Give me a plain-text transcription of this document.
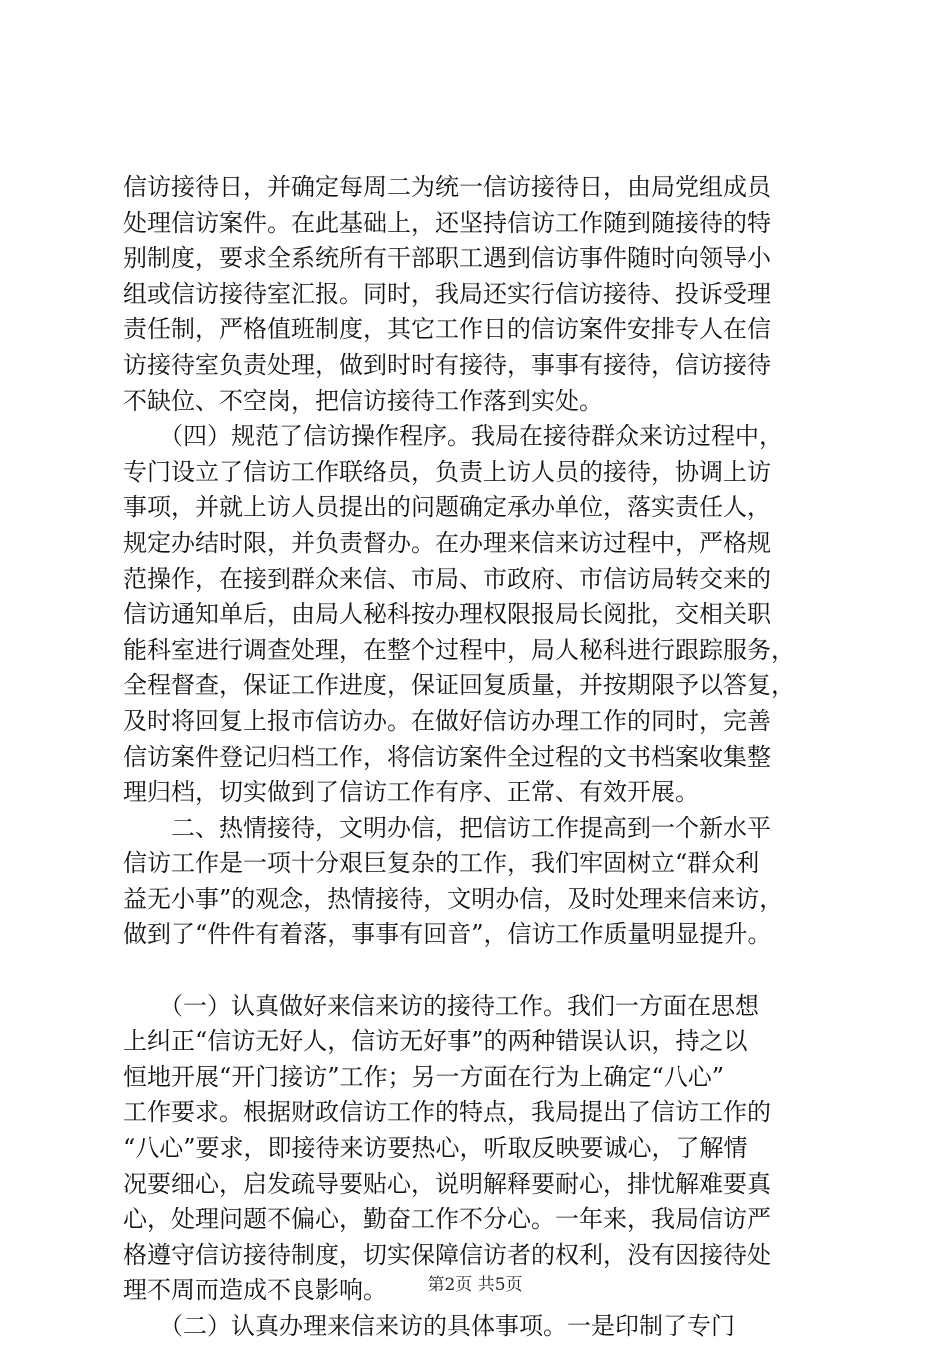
信访接待日，并确定每周二为统一信访接待日，由局党组成员
处理信访案件。在此基础上，还坚持信访工作随到随接待的特
别制度，要求全系统所有干部职工遇到信访事件随时向领导小
组或信访接待室汇报。同时，我局还实行信访接待、投诉受理
责任制，严格值班制度，其它工作日的信访案件安排专人在信
访接待室负责处理，做到时时有接待，事事有接待，信访接待
不缺位、不空岗，把信访接待工作落到实处。
　　（四）规范了信访操作程序。我局在接待群众来访过程中，
专门设立了信访工作联络员，负责上访人员的接待，协调上访
事项，并就上访人员提出的问题确定承办单位，落实责任人，
规定办结时限，并负责督办。在办理来信来访过程中，严格规
范操作，在接到群众来信、市局、市政府、市信访局转交来的
信访通知单后，由局人秘科按办理权限报局长阅批，交相关职
能科室进行调查处理，在整个过程中，局人秘科进行跟踪服务，
全程督查，保证工作进度，保证回复质量，并按期限予以答复，
及时将回复上报市信访办。在做好信访办理工作的同时，完善
信访案件登记归档工作，将信访案件全过程的文书档案收集整
理归档，切实做到了信访工作有序、正常、有效开展。
　　二、热情接待，文明办信，把信访工作提高到一个新水平
信访工作是一项十分艰巨复杂的工作，我们牢固树立“群众利
益无小事”的观念，热情接待，文明办信，及时处理来信来访，
做到了“件件有着落，事事有回音”，信访工作质量明显提升。
　　（一）认真做好来信来访的接待工作。我们一方面在思想
上纠正“信访无好人，信访无好事”的两种错误认识，持之以
恒地开展“开门接访”工作；另一方面在行为上确定“八心”
工作要求。根据财政信访工作的特点，我局提出了信访工作的
“八心”要求，即接待来访要热心，听取反映要诚心，了解情
况要细心，启发疏导要贴心，说明解释要耐心，排忧解难要真
心，处理问题不偏心，勤奋工作不分心。一年来，我局信访严
格遵守信访接待制度，切实保障信访者的权利，没有因接待处
理不周而造成不良影响。
　　（二）认真办理来信来访的具体事项。一是印制了专门
第2页 共5页
